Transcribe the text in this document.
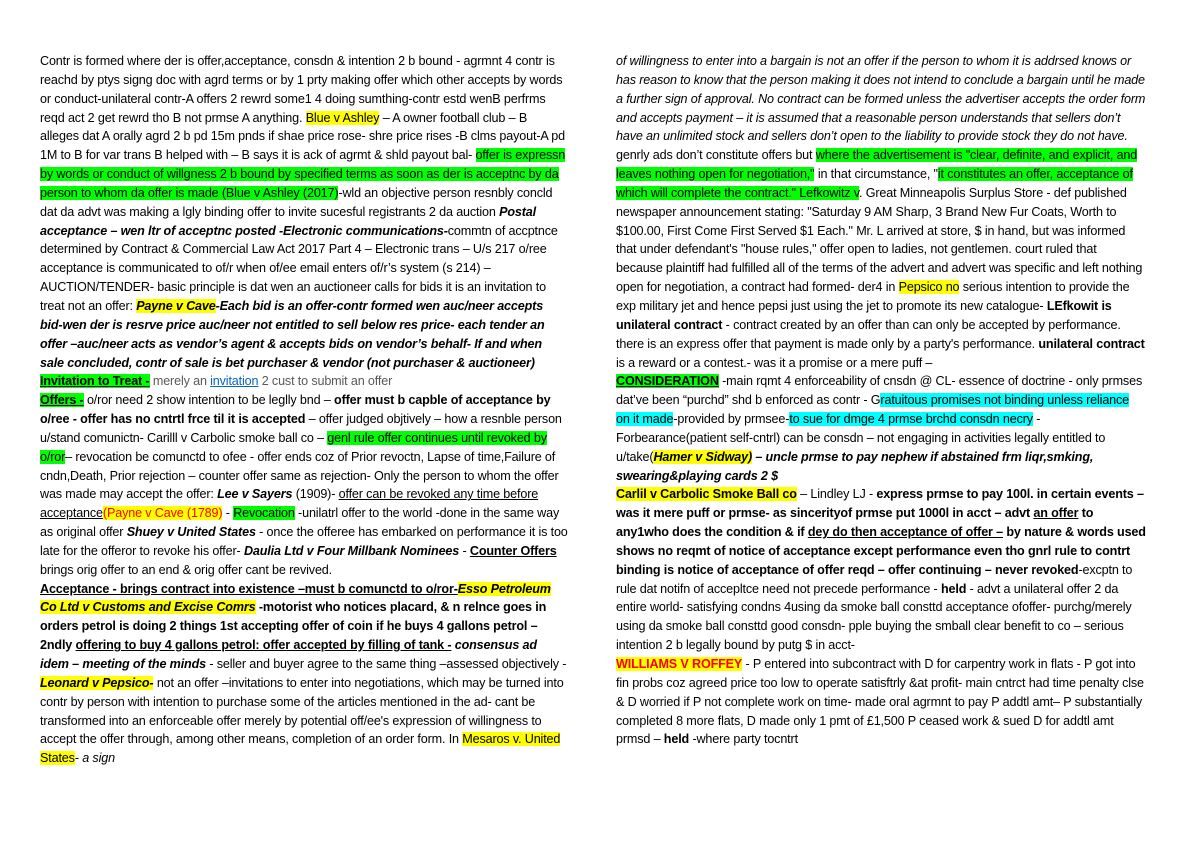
Contr is formed where der is offer,acceptance, consdn & intention 2 b bound - agrmnt 4 contr is reachd by ptys signg doc with agrd terms or by 1 prty making offer which other accepts by words or conduct-unilateral contr-A offers 2 rewrd some1 4 doing sumthing-contr estd wenB perfrms reqd act 2 get rewrd tho B not prmse A anything. Blue v Ashley – A owner football club – B alleges dat A orally agrd 2 b pd 15m pnds if shae price rose- shre price rises -B clms payout-A pd 1M to B for var trans B helped with – B says it is ack of agrmt & shld payout bal- offer is expressn by words or conduct of willgness 2 b bound by specified terms as soon as der is acceptnc by da person to whom da offer is made (Blue v Ashley (2017)-wld an objective person resnbly concld dat da advt was making a lgly binding offer to invite sucesful registrants 2 da auction Postal acceptance – wen ltr of acceptnc posted -Electronic communications-commtn of accptnce determined by Contract & Commercial Law Act 2017 Part 4 – Electronic trans – U/s 217 o/ree acceptance is communicated to of/r when of/ee email enters of/r’s system (s 214) – AUCTION/TENDER- basic principle is dat wen an auctioneer calls for bids it is an invitation to treat not an offer: Payne v Cave-Each bid is an offer-contr formed wen auc/neer accepts bid-wen der is resrve price auc/neer not entitled to sell below res price- each tender an offer –auc/neer acts as vendor’s agent & accepts bids on vendor’s behalf- If and when sale concluded, contr of sale is bet purchaser & vendor (not purchaser & auctioneer)

Invitation to Treat - merely an invitation 2 cust to submit an offer

Offers - o/ror need 2 show intention to be leglly bnd – offer must b capble of acceptance by o/ree - offer has no cntrtl frce til it is accepted – offer judged objtively – how a resnble person u/stand comunictn- Carilll v Carbolic smoke ball co – genl rule offer continues until revoked by o/ror– revocation be comunctd to ofee - offer ends coz of Prior revoctn, Lapse of time,Failure of cndn,Death, Prior rejection – counter offer same as rejection- Only the person to whom the offer was made may accept the offer: Lee v Sayers (1909)- offer can be revoked any time before acceptance(Payne v Cave (1789) - Revocation -unilatrl offer to the world -done in the same way as original offer Shuey v United States - once the offeree has embarked on performance it is too late for the offeror to revoke his offer- Daulia Ltd v Four Millbank Nominees - Counter Offers brings orig offer to an end & orig offer cant be revived.

Acceptance - brings contract into existence –must b comunctd to o/ror-Esso Petroleum Co Ltd v Customs and Excise Comrs -motorist who notices placard, & n relnce goes in orders petrol is doing 2 things 1st accepting offer of coin if he buys 4 gallons petrol – 2ndly offering to buy 4 gallons petrol: offer accepted by filling of tank - consensus ad idem – meeting of the minds - seller and buyer agree to the same thing –assessed objectively - Leonard v Pepsico- not an offer –invitations to enter into negotiations, which may be turned into contr by person with intention to purchase some of the articles mentioned in the ad- cant be transformed into an enforceable offer merely by potential off/ee's expression of willingness to accept the offer through, among other means, completion of an order form. In Mesaros v. United States- a sign

of willingness to enter into a bargain is not an offer if the person to whom it is addrsed knows or has reason to know that the person making it does not intend to conclude a bargain until he made a further sign of approval. No contract can be formed unless the advertiser accepts the order form and accepts payment – it is assumed that a reasonable person understands that sellers don’t have an unlimited stock and sellers don’t open to the liability to provide stock they do not have. genrly ads don’t constitute offers but where the advertisement is "clear, definite, and explicit, and leaves nothing open for negotiation," in that circumstance, "it constitutes an offer, acceptance of which will complete the contract." Lefkowitz v. Great Minneapolis Surplus Store - def published newspaper announcement stating: "Saturday 9 AM Sharp, 3 Brand New Fur Coats, Worth to $100.00, First Come First Served $1 Each." Mr. L arrived at store, $ in hand, but was informed that under defendant's "house rules," offer open to ladies, not gentlemen. court ruled that because plaintiff had fulfilled all of the terms of the advert and advert was specific and left nothing open for negotiation, a contract had formed- der4 in Pepsico no serious intention to provide the exp military jet and hence pepsi just using the jet to promote its new catalogue- LEfkowit is unilateral contract - contract created by an offer than can only be accepted by performance. there is an express offer that payment is made only by a party's performance. unilateral contract is a reward or a contest.- was it a promise or a mere puff –

CONSIDERATION -main rqmt 4 enforceability of cnsdn @ CL- essence of doctrine - only prmses dat’ve been “purchd” shd b enforced as contr - Gratuitous promises not binding unless reliance on it made-provided by prmsee-to sue for dmge 4 prmse brchd consdn necry - Forbearance(patient self-cntrl) can be consdn – not engaging in activities legally entitled to u/take(Hamer v Sidway) – uncle prmse to pay nephew if abstained frm liqr,smking, swearing&playing cards 2 $

Carlil v Carbolic Smoke Ball co – Lindley LJ - express prmse to pay 100l. in certain events – was it mere puff or prmse- as sincerityof prmse put 1000l in acct – advt an offer to any1who does the condition & if dey do then acceptance of offer – by nature & words used shows no reqmt of notice of acceptance except performance even tho gnrl rule to contrt binding is notice of acceptance of offer reqd – offer continuing – never revoked-excptn to rule dat notifn of accepltce need not precede performance - held - advt a unilateral offer 2 da entire world- satisfying condns 4using da smoke ball consttd acceptance ofoffer- purchg/merely using da smoke ball consttd good consdn- pple buying the smball clear benefit to co – serious intention 2 b legally bound by putg $ in acct-

WILLIAMS V ROFFEY - P entered into subcontract with D for carpentry work in flats - P got into fin probs coz agreed price too low to operate satisftrly &at profit- main cntrct had time penalty clse & D worried if P not complete work on time- made oral agrmnt to pay P addtl amt– P substantially completed 8 more flats, D made only 1 pmt of £1,500 P ceased work & sued D for addtl amt prmsd – held -where party tocntrt
